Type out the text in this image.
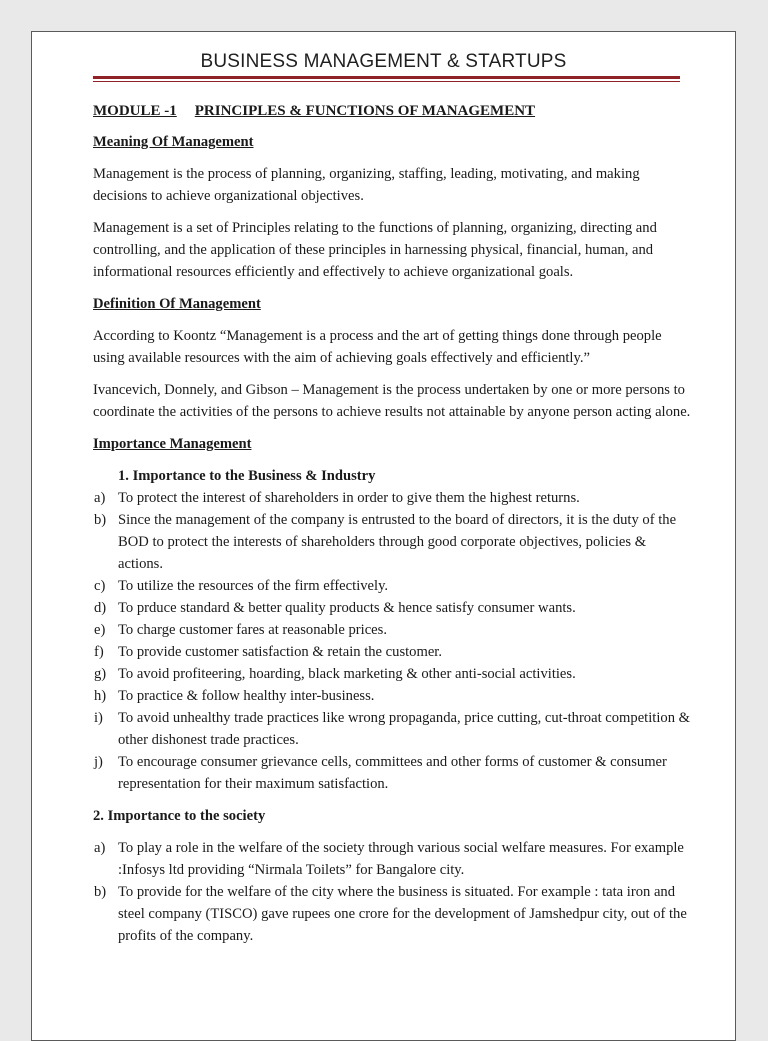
BUSINESS MANAGEMENT & STARTUPS
MODULE -1 PRINCIPLES & FUNCTIONS OF MANAGEMENT
Meaning Of Management

Management is the process of planning, organizing, staffing, leading, motivating, and making decisions to achieve organizational objectives.

Management is a set of Principles relating to the functions of planning, organizing, directing and controlling, and the application of these principles in harnessing physical, financial, human, and informational resources efficiently and effectively to achieve organizational goals.

Definition Of Management

According to Koontz “Management is a process and the art of getting things done through people using available resources with the aim of achieving goals effectively and efficiently.”

Ivancevich, Donnely, and Gibson – Management is the process undertaken by one or more persons to coordinate the activities of the persons to achieve results not attainable by anyone person acting alone.

Importance Management
1. Importance to the Business & Industry
a) To protect the interest of shareholders in order to give them the highest returns.
b) Since the management of the company is entrusted to the board of directors, it is the duty of the BOD to protect the interests of shareholders through good corporate objectives, policies & actions.
c) To utilize the resources of the firm effectively.
d) To prduce standard & better quality products & hence satisfy consumer wants.
e) To charge customer fares at reasonable prices.
f) To provide customer satisfaction & retain the customer.
g) To avoid profiteering, hoarding, black marketing & other anti-social activities.
h) To practice & follow healthy inter-business.
i) To avoid unhealthy trade practices like wrong propaganda, price cutting, cut-throat competition & other dishonest trade practices.
j) To encourage consumer grievance cells, committees and other forms of customer & consumer representation for their maximum satisfaction.
2. Importance to the society
a) To play a role in the welfare of the society through various social welfare measures. For example :Infosys ltd providing “Nirmala Toilets” for Bangalore city.
b) To provide for the welfare of the city where the business is situated. For example : tata iron and steel company (TISCO) gave rupees one crore for the development of Jamshedpur city, out of the profits of the company.
